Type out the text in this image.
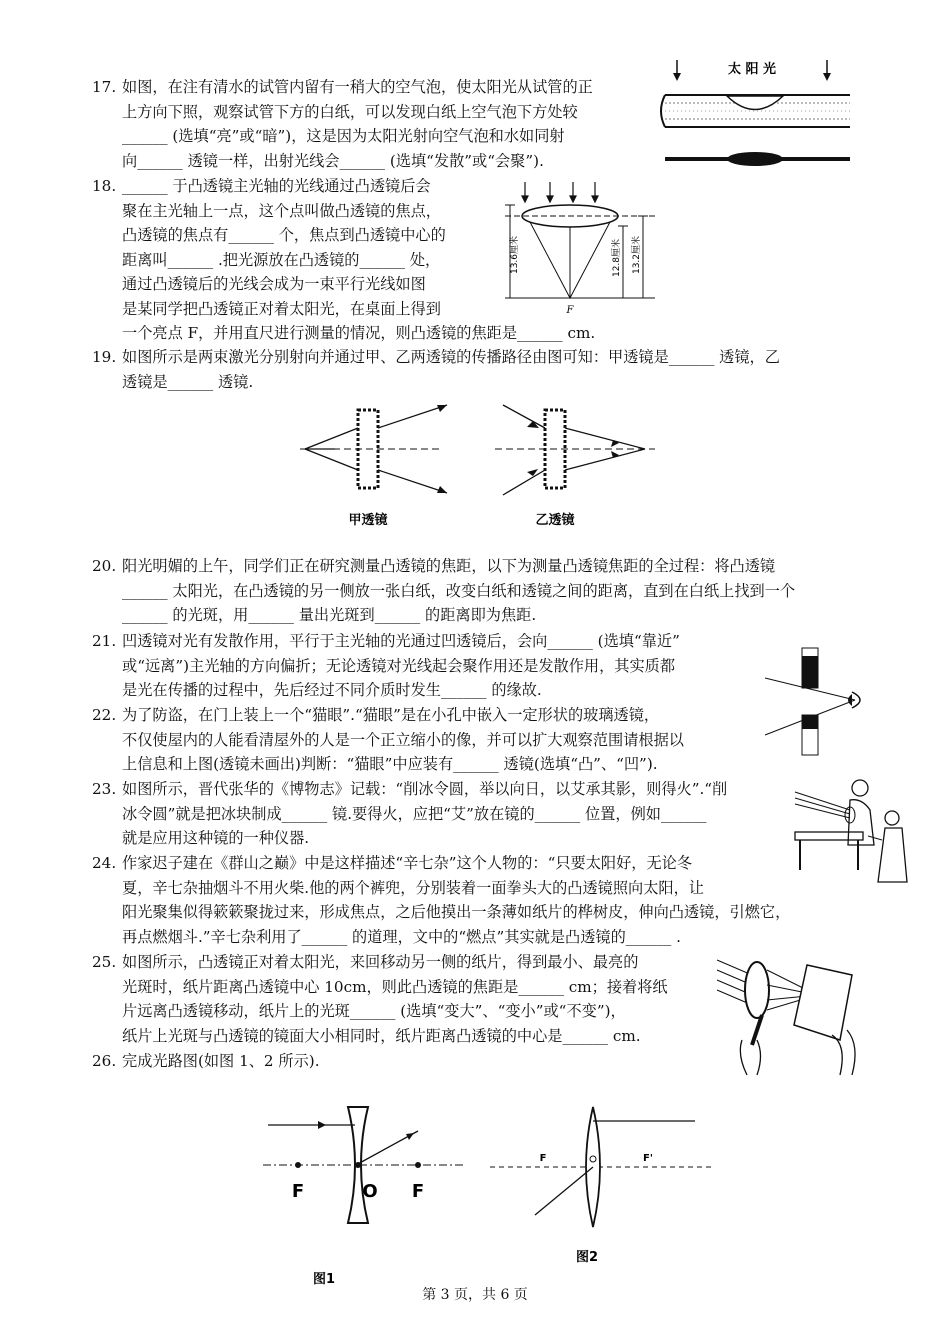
17. 如图，在注有清水的试管内留有一稍大的空气泡，使太阳光从试管的正
上方向下照，观察试管下方的白纸，可以发现白纸上空气泡下方处较
______ (选填“亮”或“暗”)，这是因为太阳光射向空气泡和水如同射
向______ 透镜一样，出射光线会______ (选填“发散”或“会聚”).
太 阳 光
18. ______ 于凸透镜主光轴的光线通过凸透镜后会
聚在主光轴上一点，这个点叫做凸透镜的焦点，
凸透镜的焦点有______ 个，焦点到凸透镜中心的
距离叫______ .把光源放在凸透镜的______ 处，
通过凸透镜后的光线会成为一束平行光线如图
是某同学把凸透镜正对着太阳光，在桌面上得到
一个亮点 F，并用直尺进行测量的情况，则凸透镜的焦距是______ cm.
13.6厘米	12.8厘米 13.2厘米
F
19. 如图所示是两束激光分别射向并通过甲、乙两透镜的传播路径由图可知：甲透镜是______ 透镜，乙
透镜是______ 透镜.
甲透镜	乙透镜
20. 阳光明媚的上午，同学们正在研究测量凸透镜的焦距，以下为测量凸透镜焦距的全过程：将凸透镜
______ 太阳光，在凸透镜的另一侧放一张白纸，改变白纸和透镜之间的距离，直到在白纸上找到一个
______ 的光斑，用______ 量出光斑到______ 的距离即为焦距.
21. 凹透镜对光有发散作用，平行于主光轴的光通过凹透镜后，会向______ (选填“靠近”
或“远离”)主光轴的方向偏折；无论透镜对光线起会聚作用还是发散作用，其实质都
是光在传播的过程中，先后经过不同介质时发生______ 的缘故.
22. 为了防盗，在门上装上一个“猫眼”.“猫眼”是在小孔中嵌入一定形状的玻璃透镜，
不仅使屋内的人能看清屋外的人是一个正立缩小的像，并可以扩大观察范围请根据以
上信息和上图(透镜未画出)判断：“猫眼”中应装有______ 透镜(选填“凸”、“凹”).
23. 如图所示，晋代张华的《博物志》记载：“削冰令圆，举以向日，以艾承其影，则得火”.“削
冰令圆”就是把冰块制成______ 镜.要得火，应把“艾”放在镜的______ 位置，例如______
就是应用这种镜的一种仪器.
24. 作家迟子建在《群山之巅》中是这样描述“辛七杂”这个人物的：“只要太阳好，无论冬
夏，辛七杂抽烟斗不用火柴.他的两个裤兜，分别装着一面拳头大的凸透镜照向太阳，让
阳光聚集似得簌簌聚拢过来，形成焦点，之后他摸出一条薄如纸片的桦树皮，伸向凸透镜，引燃它，
再点燃烟斗.”辛七杂利用了______ 的道理，文中的“燃点”其实就是凸透镜的______ .
25. 如图所示，凸透镜正对着太阳光，来回移动另一侧的纸片，得到最小、最亮的
光斑时，纸片距离凸透镜中心 10cm，则此凸透镜的焦距是______ cm；接着将纸
片远离凸透镜移动，纸片上的光斑______ (选填“变大”、“变小”或“不变”)，
纸片上光斑与凸透镜的镜面大小相同时，纸片距离凸透镜的中心是______ cm.
26. 完成光路图(如图 1、2 所示).
F	O F
图1
F	F'
图2
第 3 页，共 6 页
